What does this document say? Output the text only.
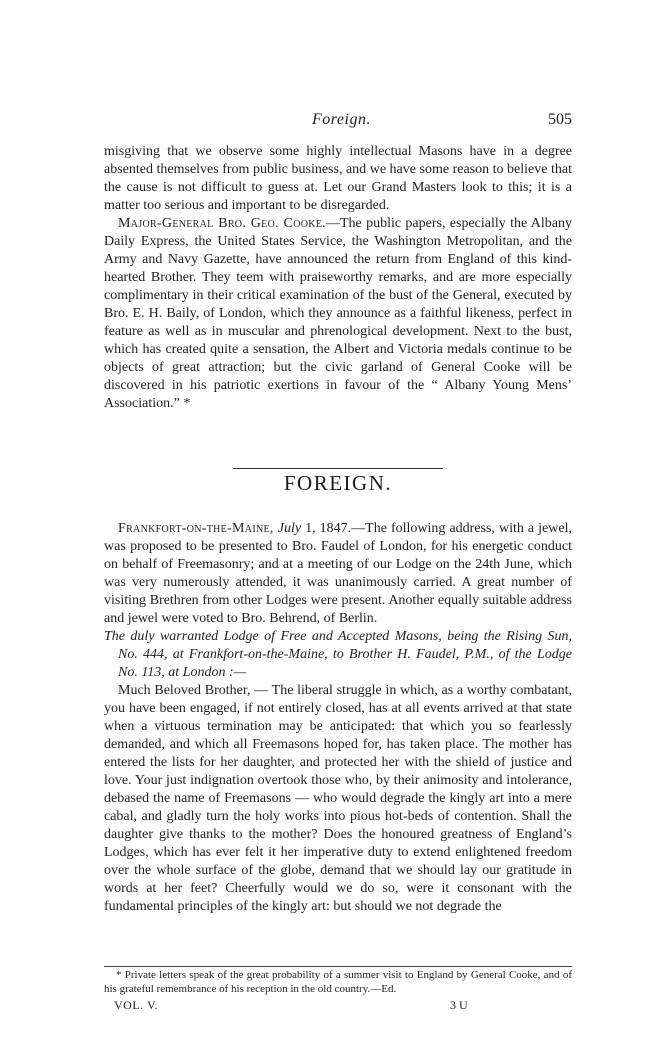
Foreign.	505

misgiving that we observe some highly intellectual Masons have in a degree absented themselves from public business, and we have some reason to believe that the cause is not difficult to guess at. Let our Grand Masters look to this; it is a matter too serious and important to be disregarded.

Major-General Bro. Geo. Cooke.—The public papers, especially the Albany Daily Express, the United States Service, the Washington Metropolitan, and the Army and Navy Gazette, have announced the return from England of this kind-hearted Brother. They teem with praiseworthy remarks, and are more especially complimentary in their critical examination of the bust of the General, executed by Bro. E. H. Baily, of London, which they announce as a faithful likeness, perfect in feature as well as in muscular and phrenological development. Next to the bust, which has created quite a sensation, the Albert and Victoria medals continue to be objects of great attraction; but the civic garland of General Cooke will be discovered in his patriotic exertions in favour of the “ Albany Young Mens’ Association.” *

FOREIGN.

Frankfort-on-the-Maine, July 1, 1847.—The following address, with a jewel, was proposed to be presented to Bro. Faudel of London, for his energetic conduct on behalf of Freemasonry; and at a meeting of our Lodge on the 24th June, which was very numerously attended, it was unanimously carried. A great number of visiting Brethren from other Lodges were present. Another equally suitable address and jewel were voted to Bro. Behrend, of Berlin.

The duly warranted Lodge of Free and Accepted Masons, being the Rising Sun, No. 444, at Frankfort-on-the-Maine, to Brother H. Faudel, P.M., of the Lodge No. 113, at London :—

Much Beloved Brother, — The liberal struggle in which, as a worthy combatant, you have been engaged, if not entirely closed, has at all events arrived at that state when a virtuous termination may be anticipated: that which you so fearlessly demanded, and which all Freemasons hoped for, has taken place. The mother has entered the lists for her daughter, and protected her with the shield of justice and love. Your just indignation overtook those who, by their animosity and intolerance, debased the name of Freemasons — who would degrade the kingly art into a mere cabal, and gladly turn the holy works into pious hot-beds of contention. Shall the daughter give thanks to the mother? Does the honoured greatness of England’s Lodges, which has ever felt it her imperative duty to extend enlightened freedom over the whole surface of the globe, demand that we should lay our gratitude in words at her feet? Cheerfully would we do so, were it consonant with the fundamental principles of the kingly art: but should we not degrade the

* Private letters speak of the great probability of a summer visit to England by General Cooke, and of his grateful remembrance of his reception in the old country.—Ed.

VOL. V.	3 U
